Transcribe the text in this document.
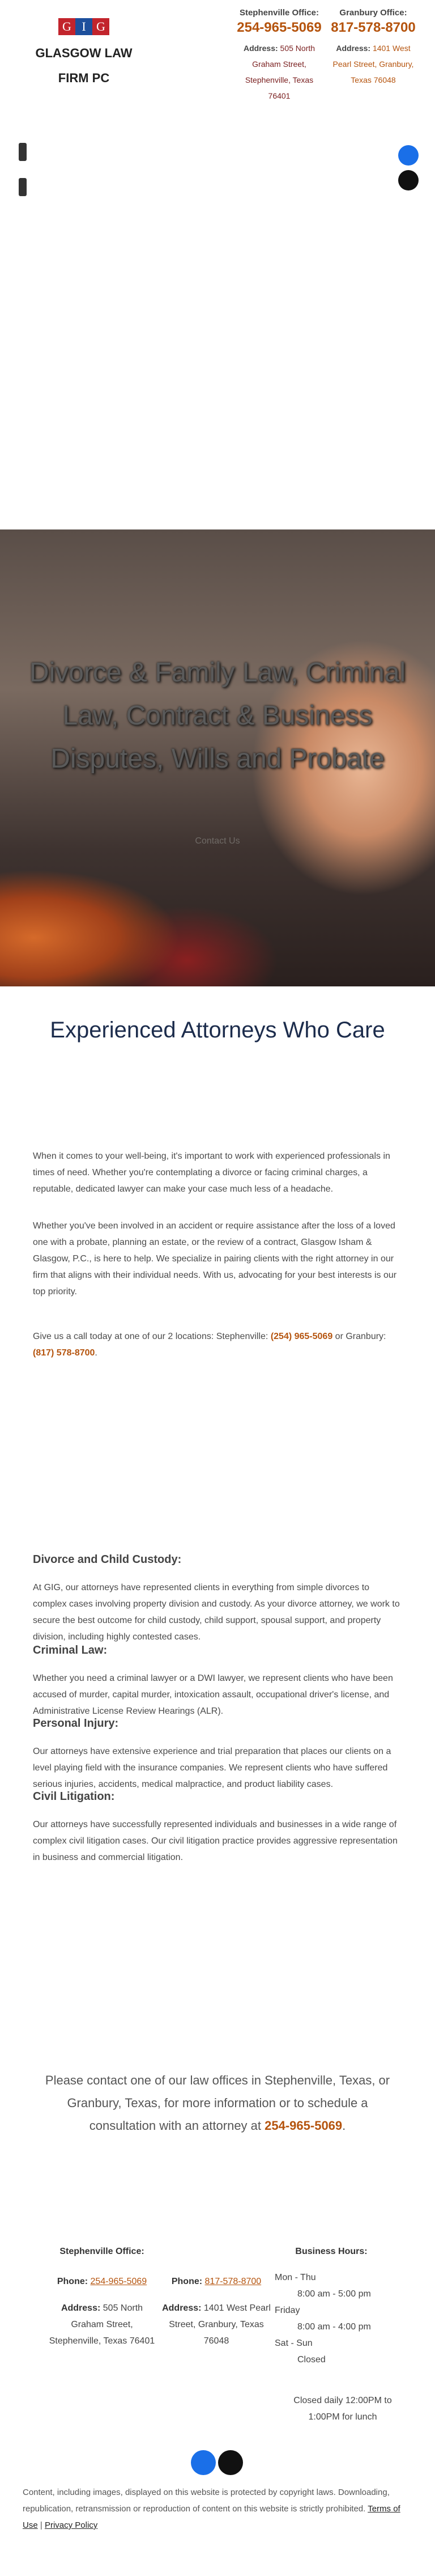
G I G
GLASGOW LAW FIRM PC
Stephenville Office:
254-965-5069
Address: 505 North Graham Street, Stephenville, Texas 76401
Granbury Office:
817-578-8700
Address: 1401 West Pearl Street, Granbury, Texas 76048
Divorce & Family Law, Criminal Law, Contract & Business Disputes, Wills and Probate
Contact Us
Experienced Attorneys Who Care

When it comes to your well-being, it's important to work with experienced professionals in times of need. Whether you're contemplating a divorce or facing criminal charges, a reputable, dedicated lawyer can make your case much less of a headache.

Whether you've been involved in an accident or require assistance after the loss of a loved one with a probate, planning an estate, or the review of a contract, Glasgow Isham & Glasgow, P.C., is here to help. We specialize in pairing clients with the right attorney in our firm that aligns with their individual needs. With us, advocating for your best interests is our top priority.

Give us a call today at one of our 2 locations: Stephenville: (254) 965-5069 or Granbury: (817) 578-8700.

Divorce and Child Custody:

At GIG, our attorneys have represented clients in everything from simple divorces to complex cases involving property division and custody. As your divorce attorney, we work to secure the best outcome for child custody, child support, spousal support, and property division, including highly contested cases.

Criminal Law:

Whether you need a criminal lawyer or a DWI lawyer, we represent clients who have been accused of murder, capital murder, intoxication assault, occupational driver's license, and Administrative License Review Hearings (ALR).

Personal Injury:

Our attorneys have extensive experience and trial preparation that places our clients on a level playing field with the insurance companies. We represent clients who have suffered serious injuries, accidents, medical malpractice, and product liability cases.

Civil Litigation:

Our attorneys have successfully represented individuals and businesses in a wide range of complex civil litigation cases. Our civil litigation practice provides aggressive representation in business and commercial litigation.

Please contact one of our law offices in Stephenville, Texas, or Granbury, Texas, for more information or to schedule a consultation with an attorney at 254-965-5069.
Stephenville Office:
Phone: 254-965-5069
Address: 505 North Graham Street, Stephenville, Texas 76401
Phone: 817-578-8700
Address: 1401 West Pearl Street, Granbury, Texas 76048
Business Hours:
Mon - Thu
8:00 am - 5:00 pm
Friday
8:00 am - 4:00 pm
Sat - Sun
Closed
Closed daily 12:00PM to 1:00PM for lunch
Content, including images, displayed on this website is protected by copyright laws. Downloading, republication, retransmission or reproduction of content on this website is strictly prohibited. Terms of Use | Privacy Policy
